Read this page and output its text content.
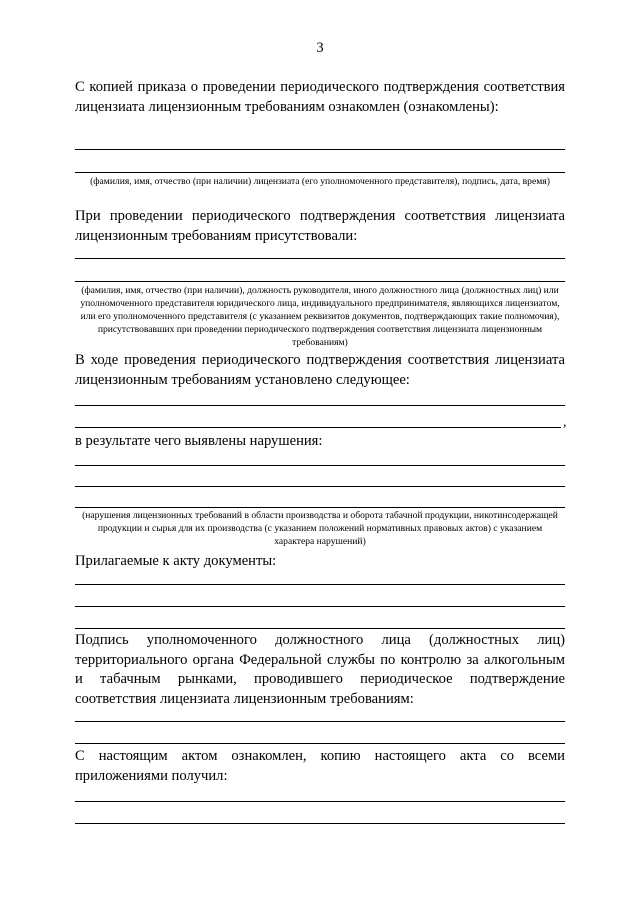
3

С копией приказа о проведении периодического подтверждения соответствия лицензиата лицензионным требованиям ознакомлен (ознакомлены):

(фамилия, имя, отчество (при наличии) лицензиата (его уполномоченного представителя), подпись, дата, время)

При проведении периодического подтверждения соответствия лицензиата лицензионным требованиям присутствовали:

(фамилия, имя, отчество (при наличии), должность руководителя, иного должностного лица (должностных лиц) или уполномоченного представителя юридического лица, индивидуального предпринимателя, являющихся лицензиатом, или его уполномоченного представителя (с указанием реквизитов документов, подтверждающих такие полномочия), присутствовавших при проведении периодического подтверждения соответствия лицензиата лицензионным требованиям)

В ходе проведения периодического подтверждения соответствия лицензиата лицензионным требованиям установлено следующее:

,

в результате чего выявлены нарушения:

(нарушения лицензионных требований в области производства и оборота табачной продукции, никотинсодержащей продукции и сырья для их производства (с указанием положений нормативных правовых актов) с указанием характера нарушений)

Прилагаемые к акту документы:

Подпись уполномоченного должностного лица (должностных лиц) территориального органа Федеральной службы по контролю за алкогольным и табачным рынками, проводившего периодическое подтверждение соответствия лицензиата лицензионным требованиям:

С настоящим актом ознакомлен, копию настоящего акта со всеми приложениями получил:
